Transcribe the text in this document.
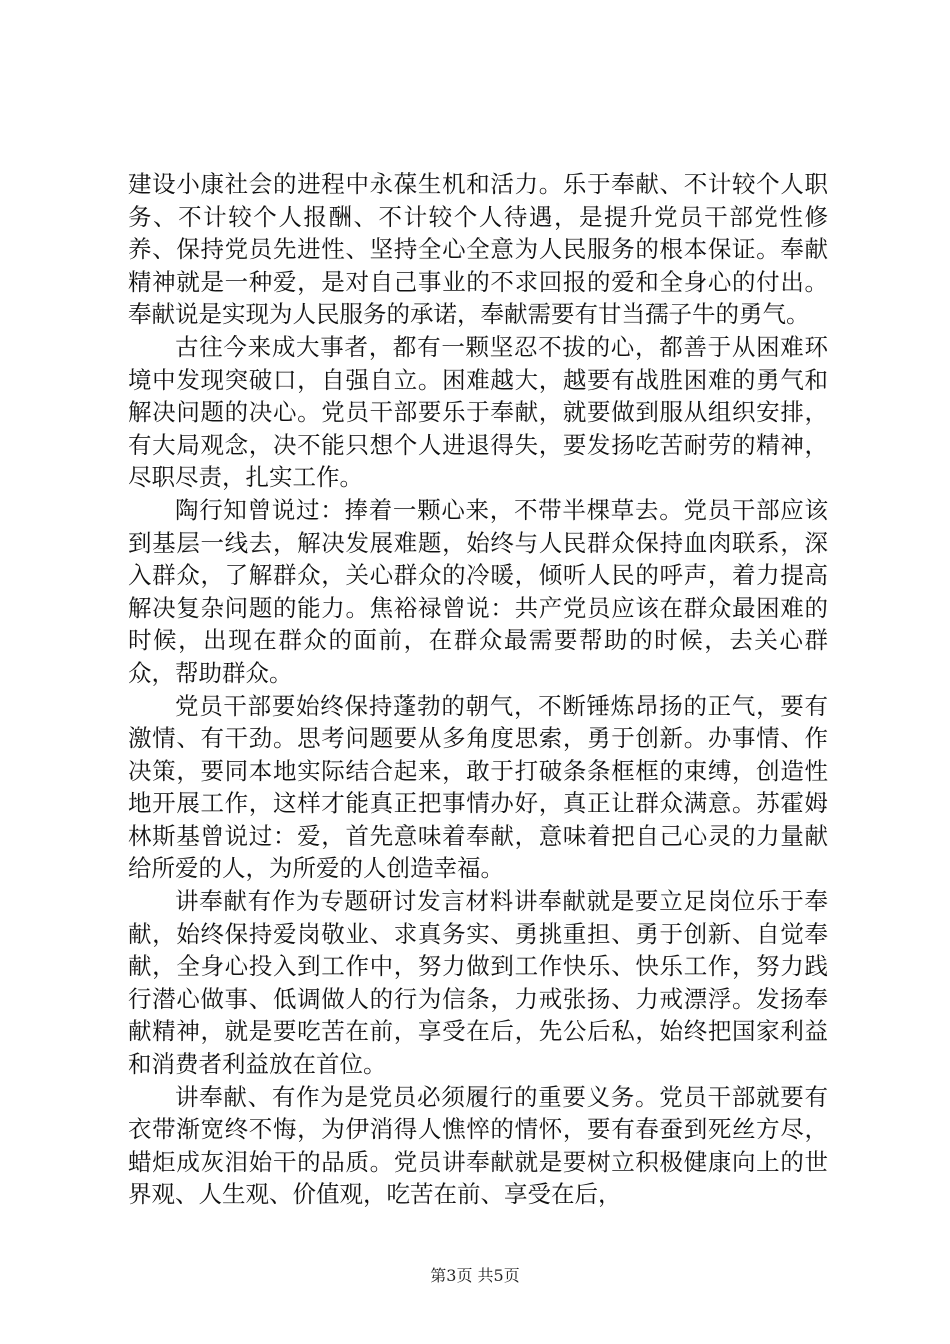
建设小康社会的进程中永葆生机和活力。乐于奉献、不计较个人职务、不计较个人报酬、不计较个人待遇，是提升党员干部党性修养、保持党员先进性、坚持全心全意为人民服务的根本保证。奉献精神就是一种爱，是对自己事业的不求回报的爱和全身心的付出。奉献说是实现为人民服务的承诺，奉献需要有甘当孺子牛的勇气。

古往今来成大事者，都有一颗坚忍不拔的心，都善于从困难环境中发现突破口，自强自立。困难越大，越要有战胜困难的勇气和解决问题的决心。党员干部要乐于奉献，就要做到服从组织安排，有大局观念，决不能只想个人进退得失，要发扬吃苦耐劳的精神，尽职尽责，扎实工作。

陶行知曾说过：捧着一颗心来，不带半棵草去。党员干部应该到基层一线去，解决发展难题，始终与人民群众保持血肉联系，深入群众，了解群众，关心群众的冷暖，倾听人民的呼声，着力提高解决复杂问题的能力。焦裕禄曾说：共产党员应该在群众最困难的时候，出现在群众的面前，在群众最需要帮助的时候，去关心群众，帮助群众。

党员干部要始终保持蓬勃的朝气，不断锤炼昂扬的正气，要有激情、有干劲。思考问题要从多角度思索，勇于创新。办事情、作决策，要同本地实际结合起来，敢于打破条条框框的束缚，创造性地开展工作，这样才能真正把事情办好，真正让群众满意。苏霍姆林斯基曾说过：爱，首先意味着奉献，意味着把自己心灵的力量献给所爱的人，为所爱的人创造幸福。

讲奉献有作为专题研讨发言材料讲奉献就是要立足岗位乐于奉献，始终保持爱岗敬业、求真务实、勇挑重担、勇于创新、自觉奉献，全身心投入到工作中，努力做到工作快乐、快乐工作，努力践行潜心做事、低调做人的行为信条，力戒张扬、力戒漂浮。发扬奉献精神，就是要吃苦在前，享受在后，先公后私，始终把国家利益和消费者利益放在首位。

讲奉献、有作为是党员必须履行的重要义务。党员干部就要有衣带渐宽终不悔，为伊消得人憔悴的情怀，要有春蚕到死丝方尽，蜡炬成灰泪始干的品质。党员讲奉献就是要树立积极健康向上的世界观、人生观、价值观，吃苦在前、享受在后，

第3页 共5页
